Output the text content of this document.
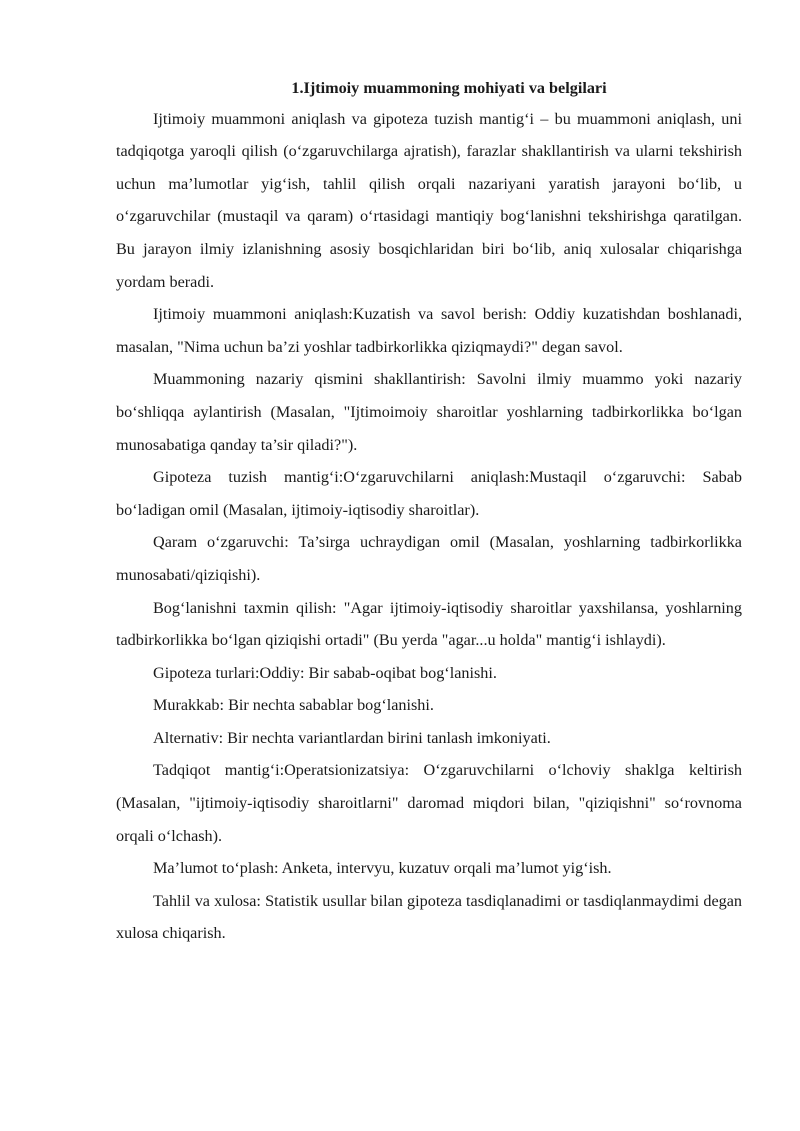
1.Ijtimoiy muammoning mohiyati va belgilari

Ijtimoiy muammoni aniqlash va gipoteza tuzish mantig‘i – bu muammoni aniqlash, uni tadqiqotga yaroqli qilish (o‘zgaruvchilarga ajratish), farazlar shakllantirish va ularni tekshirish uchun ma’lumotlar yig‘ish, tahlil qilish orqali nazariyani yaratish jarayoni bo‘lib, u o‘zgaruvchilar (mustaqil va qaram) o‘rtasidagi mantiqiy bog‘lanishni tekshirishga qaratilgan. Bu jarayon ilmiy izlanishning asosiy bosqichlaridan biri bo‘lib, aniq xulosalar chiqarishga yordam beradi.

Ijtimoiy muammoni aniqlash:Kuzatish va savol berish: Oddiy kuzatishdan boshlanadi, masalan, "Nima uchun ba’zi yoshlar tadbirkorlikka qiziqmaydi?" degan savol.

Muammoning nazariy qismini shakllantirish: Savolni ilmiy muammo yoki nazariy bo‘shliqqa aylantirish (Masalan, "Ijtimoimoiy sharoitlar yoshlarning tadbirkorlikka bo‘lgan munosabatiga qanday ta’sir qiladi?").

Gipoteza tuzish mantig‘i:O‘zgaruvchilarni aniqlash:Mustaqil o‘zgaruvchi: Sabab bo‘ladigan omil (Masalan, ijtimoiy-iqtisodiy sharoitlar).

Qaram o‘zgaruvchi: Ta’sirga uchraydigan omil (Masalan, yoshlarning tadbirkorlikka munosabati/qiziqishi).

Bog‘lanishni taxmin qilish: "Agar ijtimoiy-iqtisodiy sharoitlar yaxshilansa, yoshlarning tadbirkorlikka bo‘lgan qiziqishi ortadi" (Bu yerda "agar...u holda" mantig‘i ishlaydi).

Gipoteza turlari:Oddiy: Bir sabab-oqibat bog‘lanishi.

Murakkab: Bir nechta sabablar bog‘lanishi.

Alternativ: Bir nechta variantlardan birini tanlash imkoniyati.

Tadqiqot mantig‘i:Operatsionizatsiya: O‘zgaruvchilarni o‘lchoviy shaklga keltirish (Masalan, "ijtimoiy-iqtisodiy sharoitlarni" daromad miqdori bilan, "qiziqishni" so‘rovnoma orqali o‘lchash).

Ma’lumot to‘plash: Anketa, intervyu, kuzatuv orqali ma’lumot yig‘ish.

Tahlil va xulosa: Statistik usullar bilan gipoteza tasdiqlanadimi or tasdiqlanmaydimi degan xulosa chiqarish.
